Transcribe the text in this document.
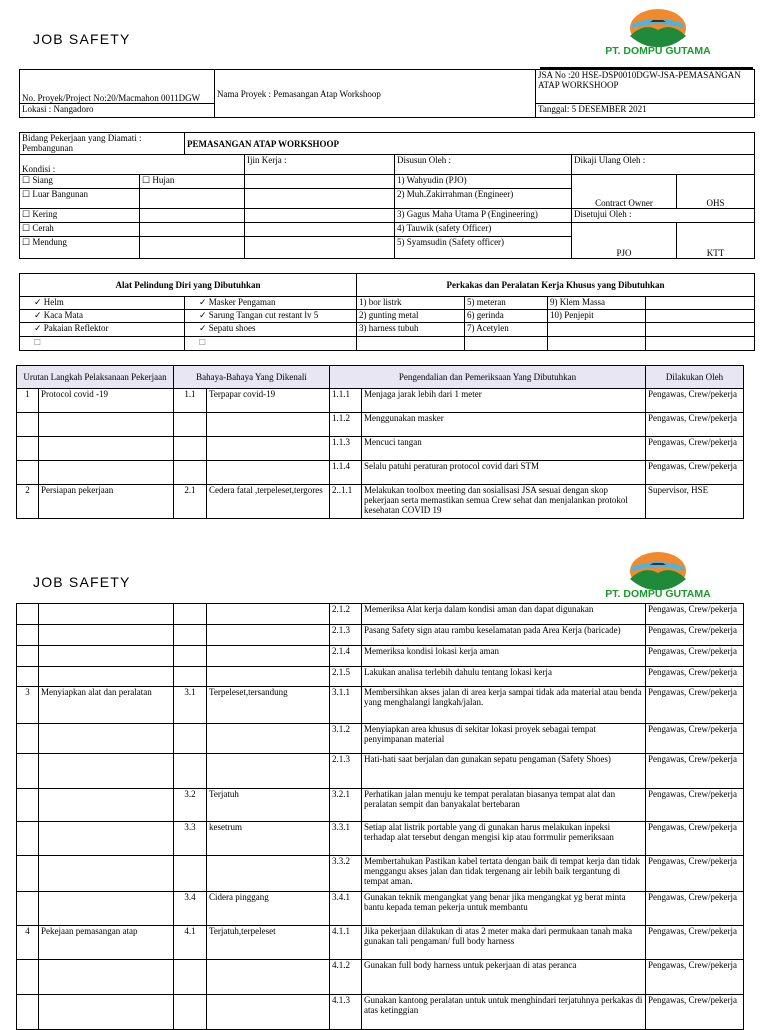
JOB SAFETY
PT. DOMPU GUTAMA
No. Proyek/Project No:20/Macmahon 0011DGW	Nama Proyek : Pemasangan Atap Workshoop	JSA No :20 HSE-DSP0010DGW-JSA-PEMASANGAN ATAP WORKSHOOP
Lokasi : Nangadoro		Tanggal: 5 DESEMBER 2021
Bidang Pekerjaan yang Diamati : Pembangunan		PEMASANGAN ATAP WORKSHOOP				
Kondisi :			Ijin Kerja :	Disusun Oleh :	Dikaji Ulang Oleh :	
☐ Siang	☐ Hujan			1) Wahyudin (PJO)	Contract Owner	OHS
☐ Luar Bangunan				2) Muh.Zakirrahman (Engineer)		
☐ Kering				3) Gagus Maha Utama P (Engineering)	Disetujui Oleh :	
☐ Cerah				4) Tauwik (safety Officer)	PJO	KTT
☐ Mendung				5) Syamsudin (Safety officer)		
Alat Pelindung Diri yang Dibutuhkan		Perkakas dan Peralatan Kerja Khusus yang Dibutuhkan			
✓ Helm	✓ Masker Pengaman	1) bor listrk	5) meteran	9) Klem Massa	
✓ Kaca Mata	✓ Sarung Tangan cut restant lv 5	2) gunting metal	6) gerinda	10) Penjepit	
✓ Pakaian Reflektor	✓ Sepatu shoes	3) harness tubuh	7) Acetylen		
🗆	🗆				
Urutan Langkah Pelaksanaan Pekerjaan		Bahaya-Bahaya Yang Dikenali		Pengendalian dan Pemeriksaan Yang Dibutuhkan		Dilakukan Oleh
1	Protocol covid -19	1.1	Terpapar covid-19	1.1.1	Menjaga jarak lebih dari 1 meter	Pengawas, Crew/pekerja
				1.1.2	Menggunakan masker	Pengawas, Crew/pekerja
				1.1.3	Mencuci tangan	Pengawas, Crew/pekerja
				1.1.4	Selalu patuhi peraturan protocol covid dari STM	Pengawas, Crew/pekerja
2	Persiapan pekerjaan	2.1	Cedera fatal ,terpeleset,tergores	2..1.1	Melakukan toolbox meeting dan sosialisasi JSA sesuai dengan skop pekerjaan serta memastikan semua Crew sehat dan menjalankan protokol kesehatan COVID 19	Supervisor, HSE
JOB SAFETY
PT. DOMPU GUTAMA
				2.1.2	Memeriksa Alat kerja dalam kondisi aman dan dapat digunakan	Pengawas, Crew/pekerja
				2.1.3	Pasang Safety sign atau rambu keselamatan pada Area Kerja (baricade)	Pengawas, Crew/pekerja
				2.1.4	Memeriksa kondisi lokasi kerja aman	Pengawas, Crew/pekerja
				2.1.5	Lakukan analisa terlebih dahulu tentang lokasi kerja	Pengawas, Crew/pekerja
3	Menyiapkan alat dan peralatan	3.1	Terpeleset,tersandung	3.1.1	Membersihkan akses jalan di area kerja sampai tidak ada material atau benda yang menghalangi langkah/jalan.	Pengawas, Crew/pekerja
				3.1.2	Menyiapkan area khusus di sekitar lokasi proyek sebagai tempat penyimpanan material	Pengawas, Crew/pekerja
				2.1.3	Hati-hati saat berjalan dan gunakan sepatu pengaman (Safety Shoes)	Pengawas, Crew/pekerja
		3.2	Terjatuh	3.2.1	Perhatikan jalan menuju ke tempat peralatan biasanya tempat alat dan peralatan sempit dan banyakalat bertebaran	Pengawas, Crew/pekerja
		3.3	kesetrum	3.3.1	Setiap alat listrik portable yang di gunakan harus melakukan inpeksi terhadap alat tersebut dengan mengisi kip atau forrmulir pemeriksaan	Pengawas, Crew/pekerja
				3.3.2	Membertahukan Pastikan kabel tertata dengan baik di tempat kerja dan tidak menggangu akses jalan dan tidak tergenang air lebih baik tergantung di tempat aman.	Pengawas, Crew/pekerja
		3.4	Cidera pinggang	3.4.1	Gunakan teknik mengangkat yang benar jika mengangkat yg berat minta bantu kepada teman pekerja untuk membantu	Pengawas, Crew/pekerja
4	Pekejaan pemasangan atap	4.1	Terjatuh,terpeleset	4.1.1	Jika pekerjaan dilakukan di atas 2 meter maka dari permukaan tanah maka gunakan tali pengaman/ full body harness	Pengawas, Crew/pekerja
				4.1.2	Gunakan full body harness untuk pekerjaan di atas peranca	Pengawas, Crew/pekerja
				4.1.3	Gunakan kantong peralatan untuk untuk menghindari terjatuhnya perkakas di atas ketinggian	Pengawas, Crew/pekerja
